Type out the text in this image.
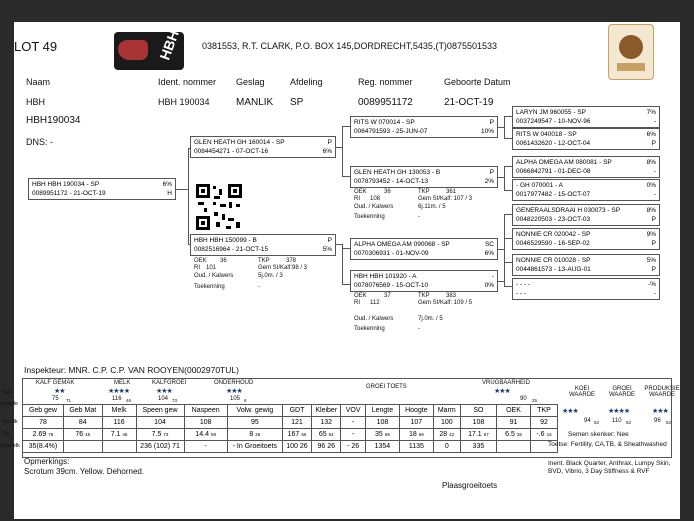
LOT 49	HBH 0381553, R.T. CLARK, P.O. BOX 145,DORDRECHT,5435,(T)0875501533
Naam	Ident. nommer Geslag	Afdeling	Reg. nommer	Geboorte Datum
HBH	HBH 190034	MANLIK SP	0089951172	21-OCT-19
HBH190034
DNS: -
HBH HBH 190034 - SP	6%
0089951172 - 21-OCT-19	H
GLEN HEATH GH 160014 - SP	P
0084454271 - 07-OCT-16	6%
HBH HBH 150099 - B	P
0082516964 - 21-OCT-15	5%
OEK 36	TKP	378
RI 101	Gem SI/Kalf:98 / 3
Oud. / Kalwers	5j.0m. / 3
Toekenning	-
RITS W 070014 - SP	P
0064791593 - 25-JUN-07	10%
GLEN HEATH GH 130053 - B	P
0078793452 - 14-OCT-13	2%
OEK	36	TKP	361
RI 108	Gem SI/Kalf: 107 / 3
Oud. / Kalwers	6j.11m. / 5
Toekenning	-
ALPHA OMEGA AM 090068 - SP	SC
0070306931 - 01-NOV-09	6%
HBH HBH 101920 - A	-
0078076569 - 15-OCT-10	0%
OEK	37	TKP	383
RI 112	Gem SI/Kalf: 109 / 5
Oud. / Kalwers	7j.0m. / 5
Toekenning	-
LARYN JM 960055 - SP	7%
0037249547 - 10-NOV-96	-
RITS W 040018 - SP	6%
0061432620 - 12-OCT-04	P
ALPHA OMEGA AM 080081 - SP	8%
0066842791 - 01-DEC-08	-
- GH 070001 - A	0%
0017977482 - 15-OCT-07	-
GENERAALSDRAAI H 030073 - SP	8%
0048220503 - 23-OCT-03	P
NONNIE CR 020042 - SP	9%
0046529590 - 16-SEP-02	P
NONNIE CR 010028 - SP	5%
0044861573 - 13-AUG-01	P
- - - -	-%
- - -	-
Inspekteur: MNR. C.P. C.P. VAN ROOYEN(0002970TUL)
Sel
waarde
Tw idk
Tw
Gew/idk
KALF GEMAK
★★
75 71
MELK
★★★★
116 46
KALFGROEI
★★★
104 73
ONDERHOUD
★★★
105 8
GROEI TOETS
VRUGBAARHEID
★★★
90 25
KOEI WAARDE
★★★
94 52
GROEI WAARDE
★★★★
110 62
PRODUKSIE WAARDE
★★★
96 52
Geb gew	Geb Mat	Melk	Speen gew	Naspeen	Volw. gewig	GDT	Kleiber	VOV	Lengte	Hoogte	Marm	SO	OEK	TKP
78	84	116	104	108	95	121	132	-	108	107	100	108	91	92
2.69 76	76 45	7.1 46	7.5 73	14.4 58	8 26	167 56	65 54	-	35 65	18 69	28 42	17.1 67	6.5 35	-.6 16
35(8.4%)			236 (102) 71	-	- In Groeitoets	100 26	96 26	- 26	1354	1135	0	335		
Semen skenker: Nee
Toetse: Fertility, CA,TB, & Sheathwashed
Inent. Black Quarter, Anthrax, Lumpy Skin, BVD, Vibrio, 3 Day Stiffness & RVF
Opmerkings:
Scrotum 39cm. Yellow. Dehorned.
Plaasgroeitoets
